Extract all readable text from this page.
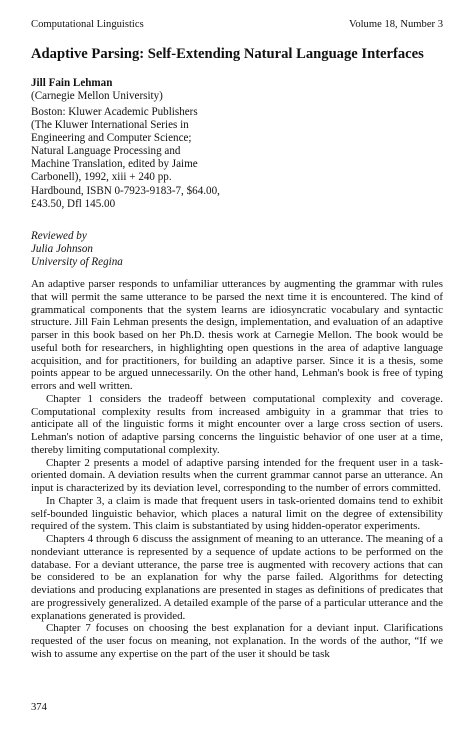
Computational Linguistics	Volume 18, Number 3
Adaptive Parsing: Self-Extending Natural Language Interfaces
Jill Fain Lehman
(Carnegie Mellon University)
Boston: Kluwer Academic Publishers
(The Kluwer International Series in
Engineering and Computer Science;
Natural Language Processing and
Machine Translation, edited by Jaime
Carbonell), 1992, xiii + 240 pp.
Hardbound, ISBN 0-7923-9183-7, $64.00,
£43.50, Dfl 145.00
Reviewed by
Julia Johnson
University of Regina

An adaptive parser responds to unfamiliar utterances by augmenting the grammar with rules that will permit the same utterance to be parsed the next time it is encountered. The kind of grammatical components that the system learns are idiosyncratic vocabulary and syntactic structure. Jill Fain Lehman presents the design, implementation, and evaluation of an adaptive parser in this book based on her Ph.D. thesis work at Carnegie Mellon. The book would be useful both for researchers, in highlighting open questions in the area of adaptive language acquisition, and for practitioners, for building an adaptive parser. Since it is a thesis, some points appear to be argued unnecessarily. On the other hand, Lehman's book is free of typing errors and well written.

Chapter 1 considers the tradeoff between computational complexity and coverage. Computational complexity results from increased ambiguity in a grammar that tries to anticipate all of the linguistic forms it might encounter over a large cross section of users. Lehman's notion of adaptive parsing concerns the linguistic behavior of one user at a time, thereby limiting computational complexity.

Chapter 2 presents a model of adaptive parsing intended for the frequent user in a task-oriented domain. A deviation results when the current grammar cannot parse an utterance. An input is characterized by its deviation level, corresponding to the number of errors committed.

In Chapter 3, a claim is made that frequent users in task-oriented domains tend to exhibit self-bounded linguistic behavior, which places a natural limit on the degree of extensibility required of the system. This claim is substantiated by using hidden-operator experiments.

Chapters 4 through 6 discuss the assignment of meaning to an utterance. The meaning of a nondeviant utterance is represented by a sequence of update actions to be performed on the database. For a deviant utterance, the parse tree is augmented with recovery actions that can be considered to be an explanation for why the parse failed. Algorithms for detecting deviations and producing explanations are presented in stages as definitions of predicates that are progressively generalized. A detailed example of the parse of a particular utterance and the explanations generated is provided.

Chapter 7 focuses on choosing the best explanation for a deviant input. Clarifications requested of the user focus on meaning, not explanation. In the words of the author, “If we wish to assume any expertise on the part of the user it should be task

374
